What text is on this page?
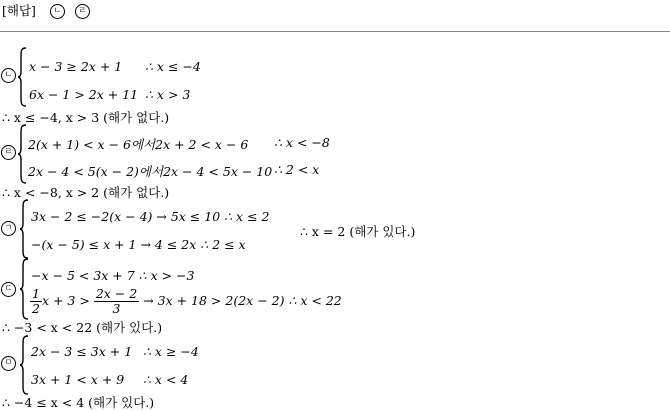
[해답] ㄴ ㄹ
ㄴ
x − 3 ≥ 2x + 1 ∴ x ≤ −4
6x − 1 > 2x + 11 ∴ x > 3
∴ x ≤ −4, x > 3 (해가 없다.)
ㄹ 2(x + 1) < x − 6에서2x + 2 < x − 6 ∴ x < −8
2x − 4 < 5(x − 2)에서2x − 4 < 5x − 10 ∴ 2 < x
∴ x < −8, x > 2 (해가 없다.)
ㄱ
3x − 2 ≤ −2(x − 4) → 5x ≤ 10 ∴ x ≤ 2
−(x − 5) ≤ x + 1 → 4 ≤ 2x ∴ 2 ≤ x
∴ x = 2 (해가 있다.)
ㄷ
−x − 5 < 3x + 7 ∴ x > −3
$\frac{1}{2}$ $x + 3 > \frac{2x - 2}{3} \to 3x + 18 > 2(2x - 2)$ ∴ x < 22
∴ −3 < x < 22 (해가 있다.)
ㅁ
2x − 3 ≤ 3x + 1 ∴ x ≥ −4
3x + 1 < x + 9 ∴ x < 4
∴ −4 ≤ x < 4 (해가 있다.)
